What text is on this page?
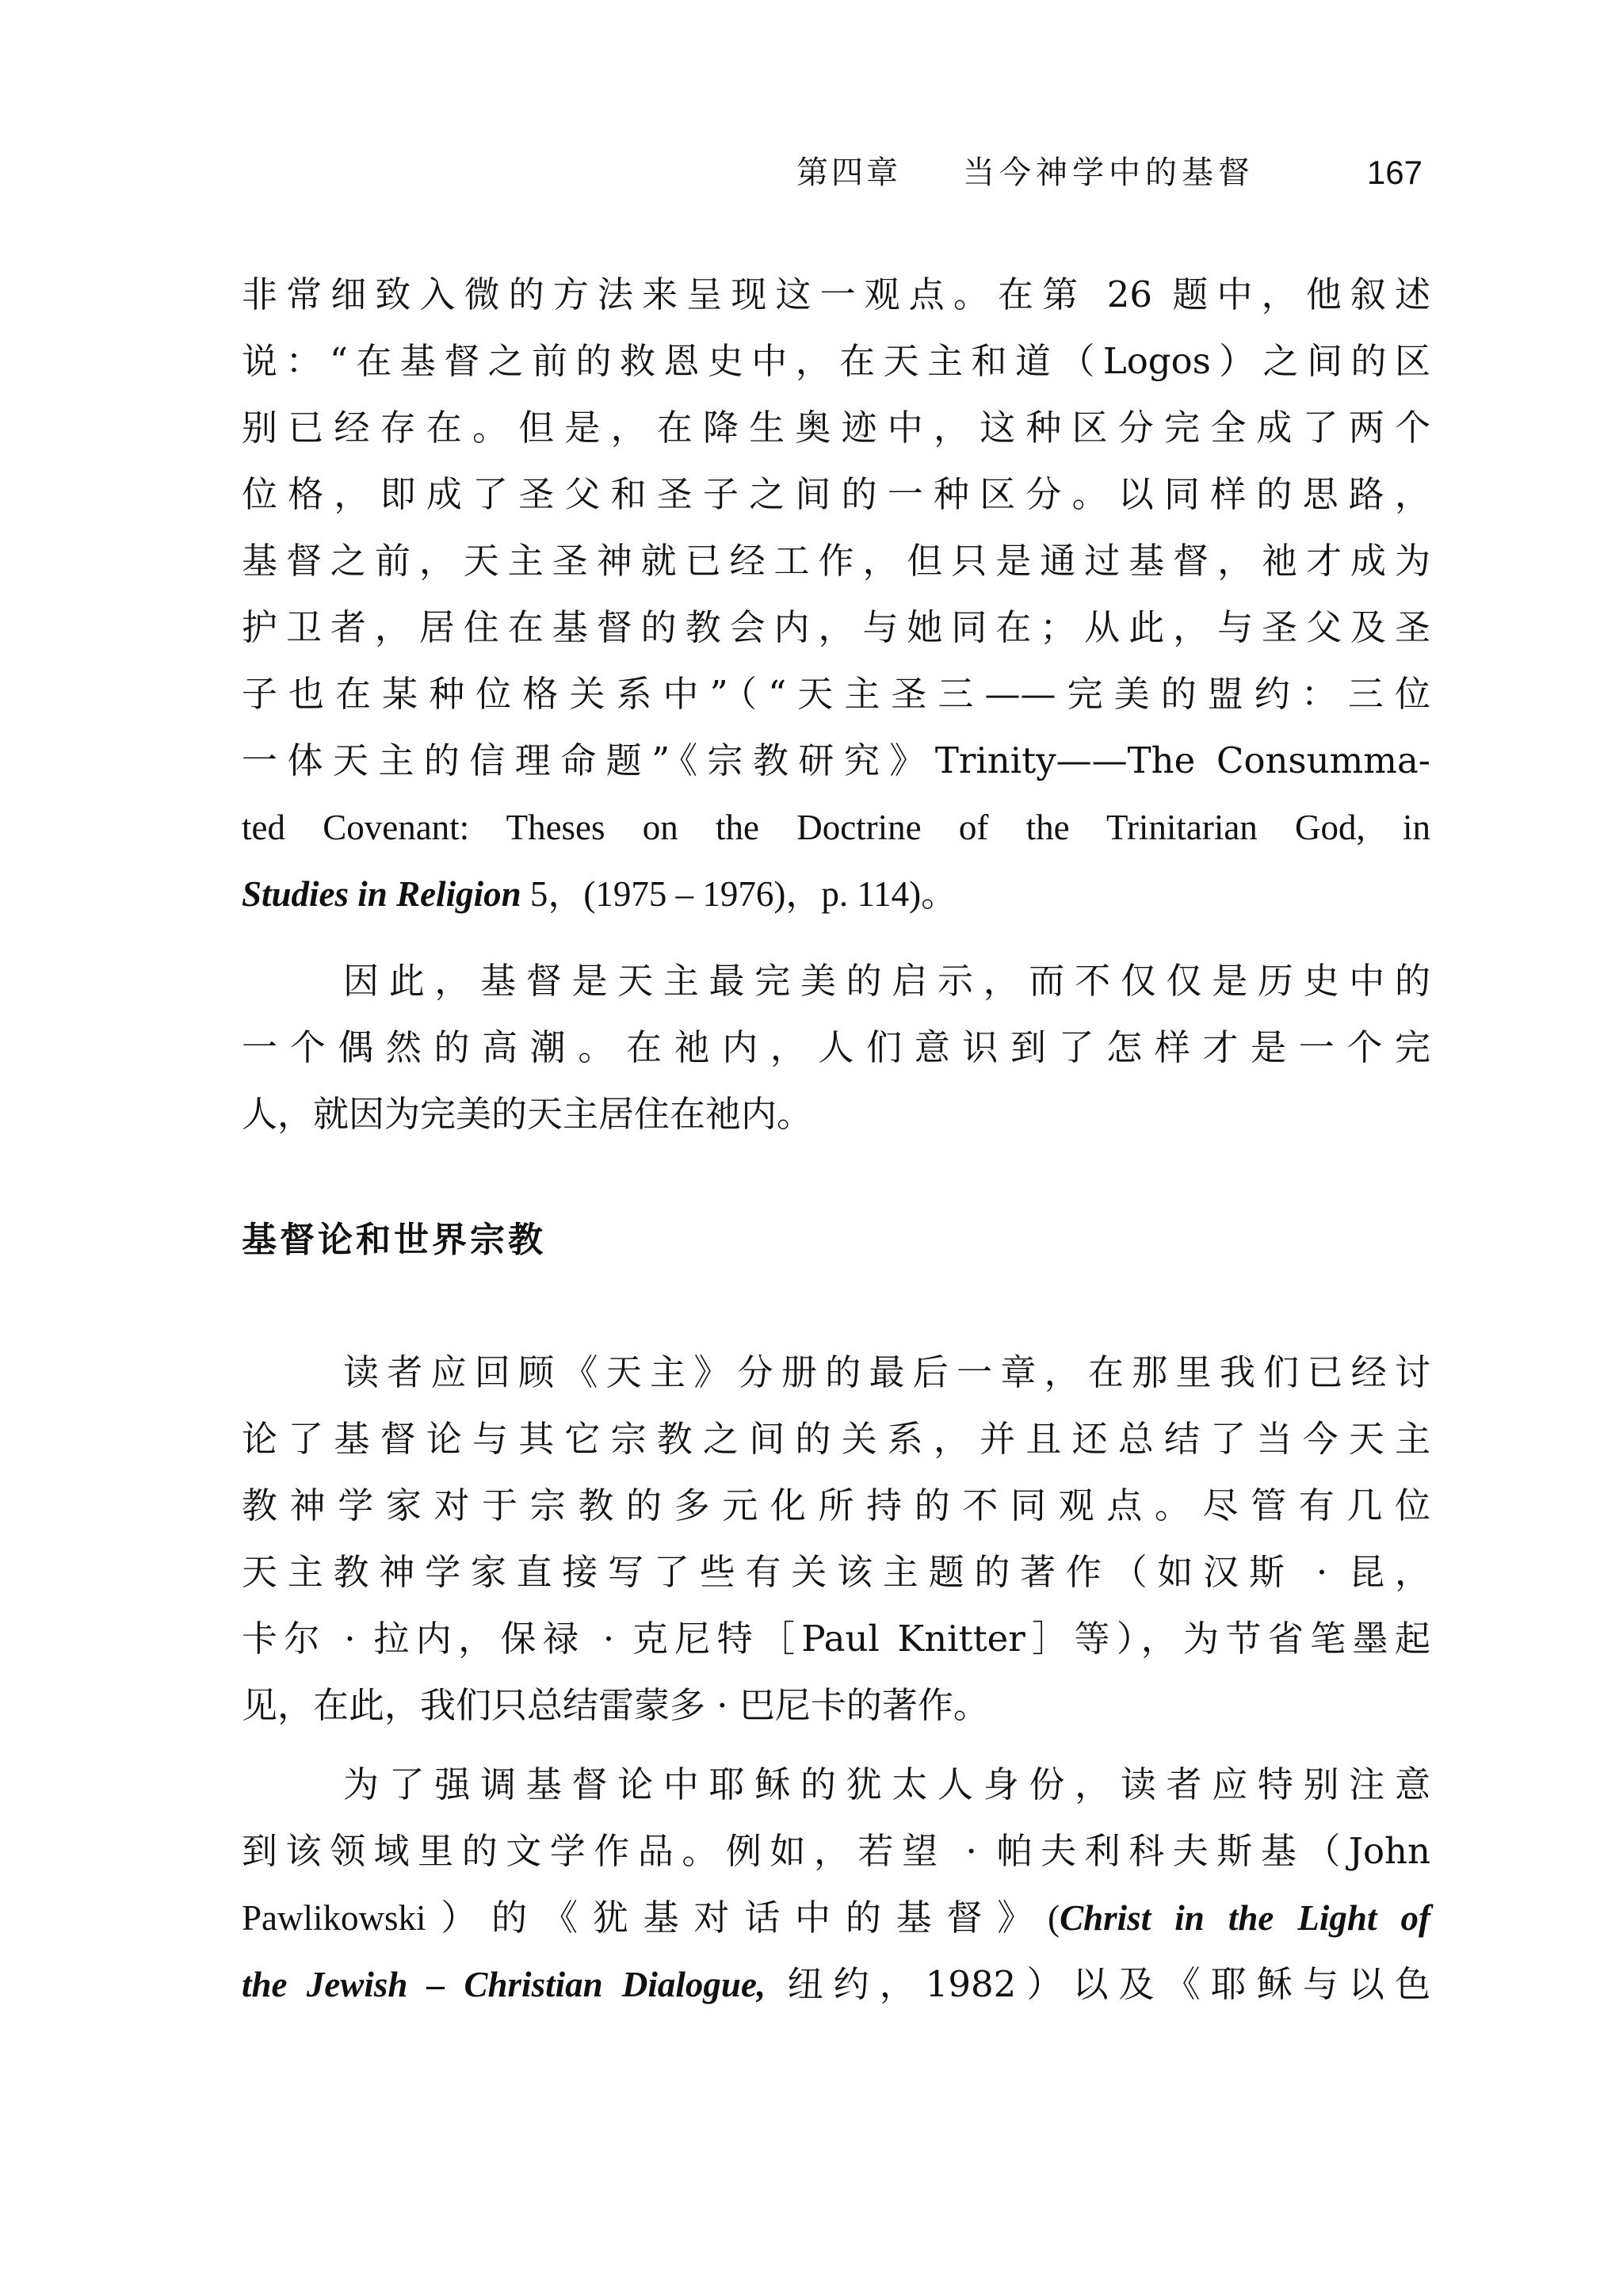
第四章 当今神学中的基督	167
非常细致入微的方法来呈现这一观点。在第 26 题中，他叙述
说：“在基督之前的救恩史中，在天主和道（Logos）之间的区
别已经存在。但是，在降生奥迹中，这种区分完全成了两个
位格，即成了圣父和圣子之间的一种区分。以同样的思路，
基督之前，天主圣神就已经工作，但只是通过基督，祂才成为
护卫者，居住在基督的教会内，与她同在；从此，与圣父及圣
子也在某种位格关系中”（“天主圣三——完美的盟约：三位
一体天主的信理命题”《宗教研究》Trinity——The Consumma-
ted Covenant: Theses on the Doctrine of the Trinitarian God, in
Studies in Religion 5，(1975 – 1976)，p. 114)。
因此，基督是天主最完美的启示，而不仅仅是历史中的
一个偶然的高潮。在祂内，人们意识到了怎样才是一个完
人，就因为完美的天主居住在祂内。
基督论和世界宗教
读者应回顾《天主》分册的最后一章，在那里我们已经讨
论了基督论与其它宗教之间的关系，并且还总结了当今天主
教神学家对于宗教的多元化所持的不同观点。尽管有几位
天主教神学家直接写了些有关该主题的著作（如汉斯 · 昆，
卡尔 · 拉内，保禄 · 克尼特［Paul Knitter］等），为节省笔墨起
见，在此，我们只总结雷蒙多 · 巴尼卡的著作。
为了强调基督论中耶稣的犹太人身份，读者应特别注意
到该领域里的文学作品。例如，若望 · 帕夫利科夫斯基（John
Pawlikowski）的《犹基对话中的基督》(Christ in the Light of
the Jewish – Christian Dialogue, 纽约，1982）以及《耶稣与以色
